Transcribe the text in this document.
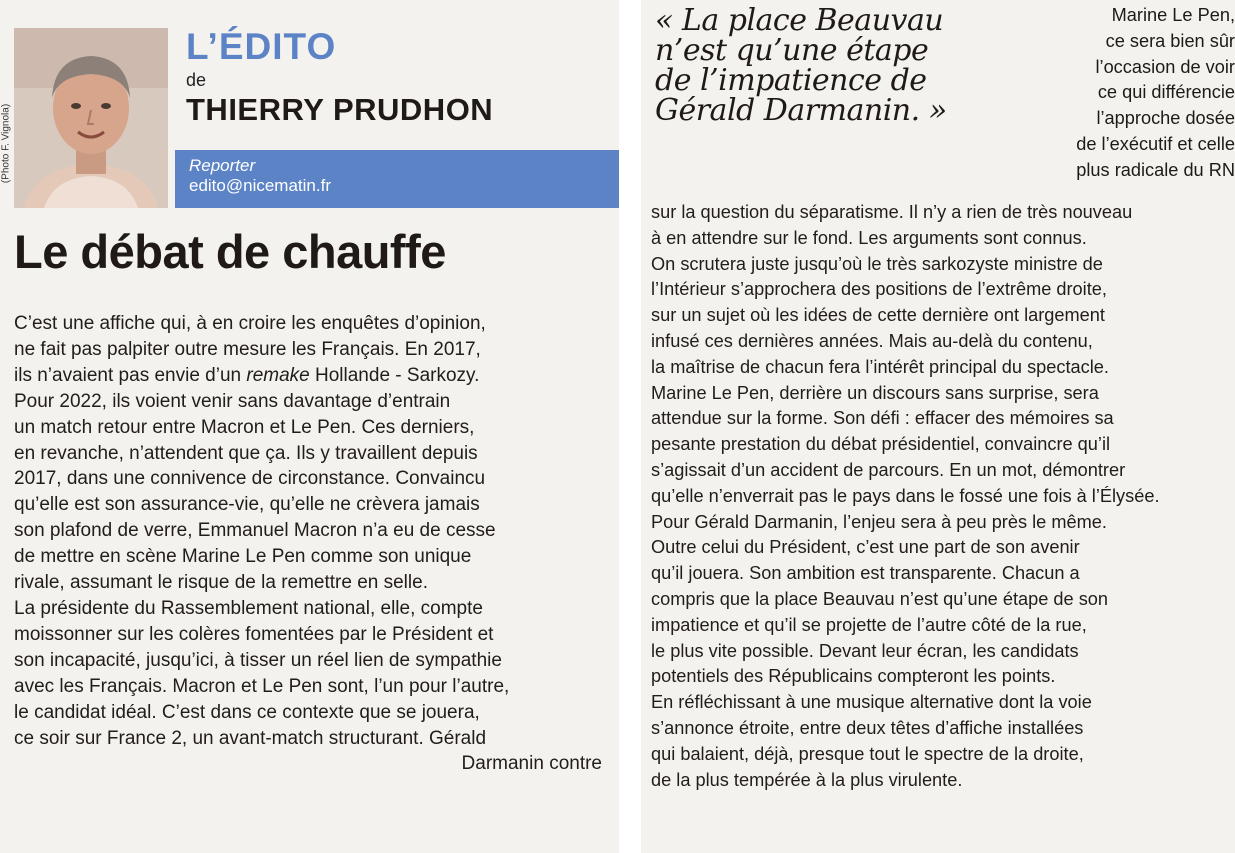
(Photo F. Vignola)
L’ÉDITO
de
THIERRY PRUDHON
Reporter
edito@nicematin.fr
Le débat de chauffe
C’est une affiche qui, à en croire les enquêtes d’opinion,
ne fait pas palpiter outre mesure les Français. En 2017,
ils n’avaient pas envie d’un remake Hollande - Sarkozy.
Pour 2022, ils voient venir sans davantage d’entrain
un match retour entre Macron et Le Pen. Ces derniers,
en revanche, n’attendent que ça. Ils y travaillent depuis
2017, dans une connivence de circonstance. Convaincu
qu’elle est son assurance-vie, qu’elle ne crèvera jamais
son plafond de verre, Emmanuel Macron n’a eu de cesse
de mettre en scène Marine Le Pen comme son unique
rivale, assumant le risque de la remettre en selle.
La présidente du Rassemblement national, elle, compte
moissonner sur les colères fomentées par le Président et
son incapacité, jusqu’ici, à tisser un réel lien de sympathie
avec les Français. Macron et Le Pen sont, l’un pour l’autre,
le candidat idéal. C’est dans ce contexte que se jouera,
ce soir sur France 2, un avant-match structurant. Gérald
Darmanin contre
« La place Beauvau
n’est qu’une étape
de l’impatience de
Gérald Darmanin. »
Marine Le Pen,
ce sera bien sûr
l’occasion de voir
ce qui différencie
l’approche dosée
de l’exécutif et celle
plus radicale du RN
sur la question du séparatisme. Il n’y a rien de très nouveau
à en attendre sur le fond. Les arguments sont connus.
On scrutera juste jusqu’où le très sarkozyste ministre de
l’Intérieur s’approchera des positions de l’extrême droite,
sur un sujet où les idées de cette dernière ont largement
infusé ces dernières années. Mais au-delà du contenu,
la maîtrise de chacun fera l’intérêt principal du spectacle.
Marine Le Pen, derrière un discours sans surprise, sera
attendue sur la forme. Son défi : effacer des mémoires sa
pesante prestation du débat présidentiel, convaincre qu’il
s’agissait d’un accident de parcours. En un mot, démontrer
qu’elle n’enverrait pas le pays dans le fossé une fois à l’Élysée.
Pour Gérald Darmanin, l’enjeu sera à peu près le même.
Outre celui du Président, c’est une part de son avenir
qu’il jouera. Son ambition est transparente. Chacun a
compris que la place Beauvau n’est qu’une étape de son
impatience et qu’il se projette de l’autre côté de la rue,
le plus vite possible. Devant leur écran, les candidats
potentiels des Républicains compteront les points.
En réfléchissant à une musique alternative dont la voie
s’annonce étroite, entre deux têtes d’affiche installées
qui balaient, déjà, presque tout le spectre de la droite,
de la plus tempérée à la plus virulente.
